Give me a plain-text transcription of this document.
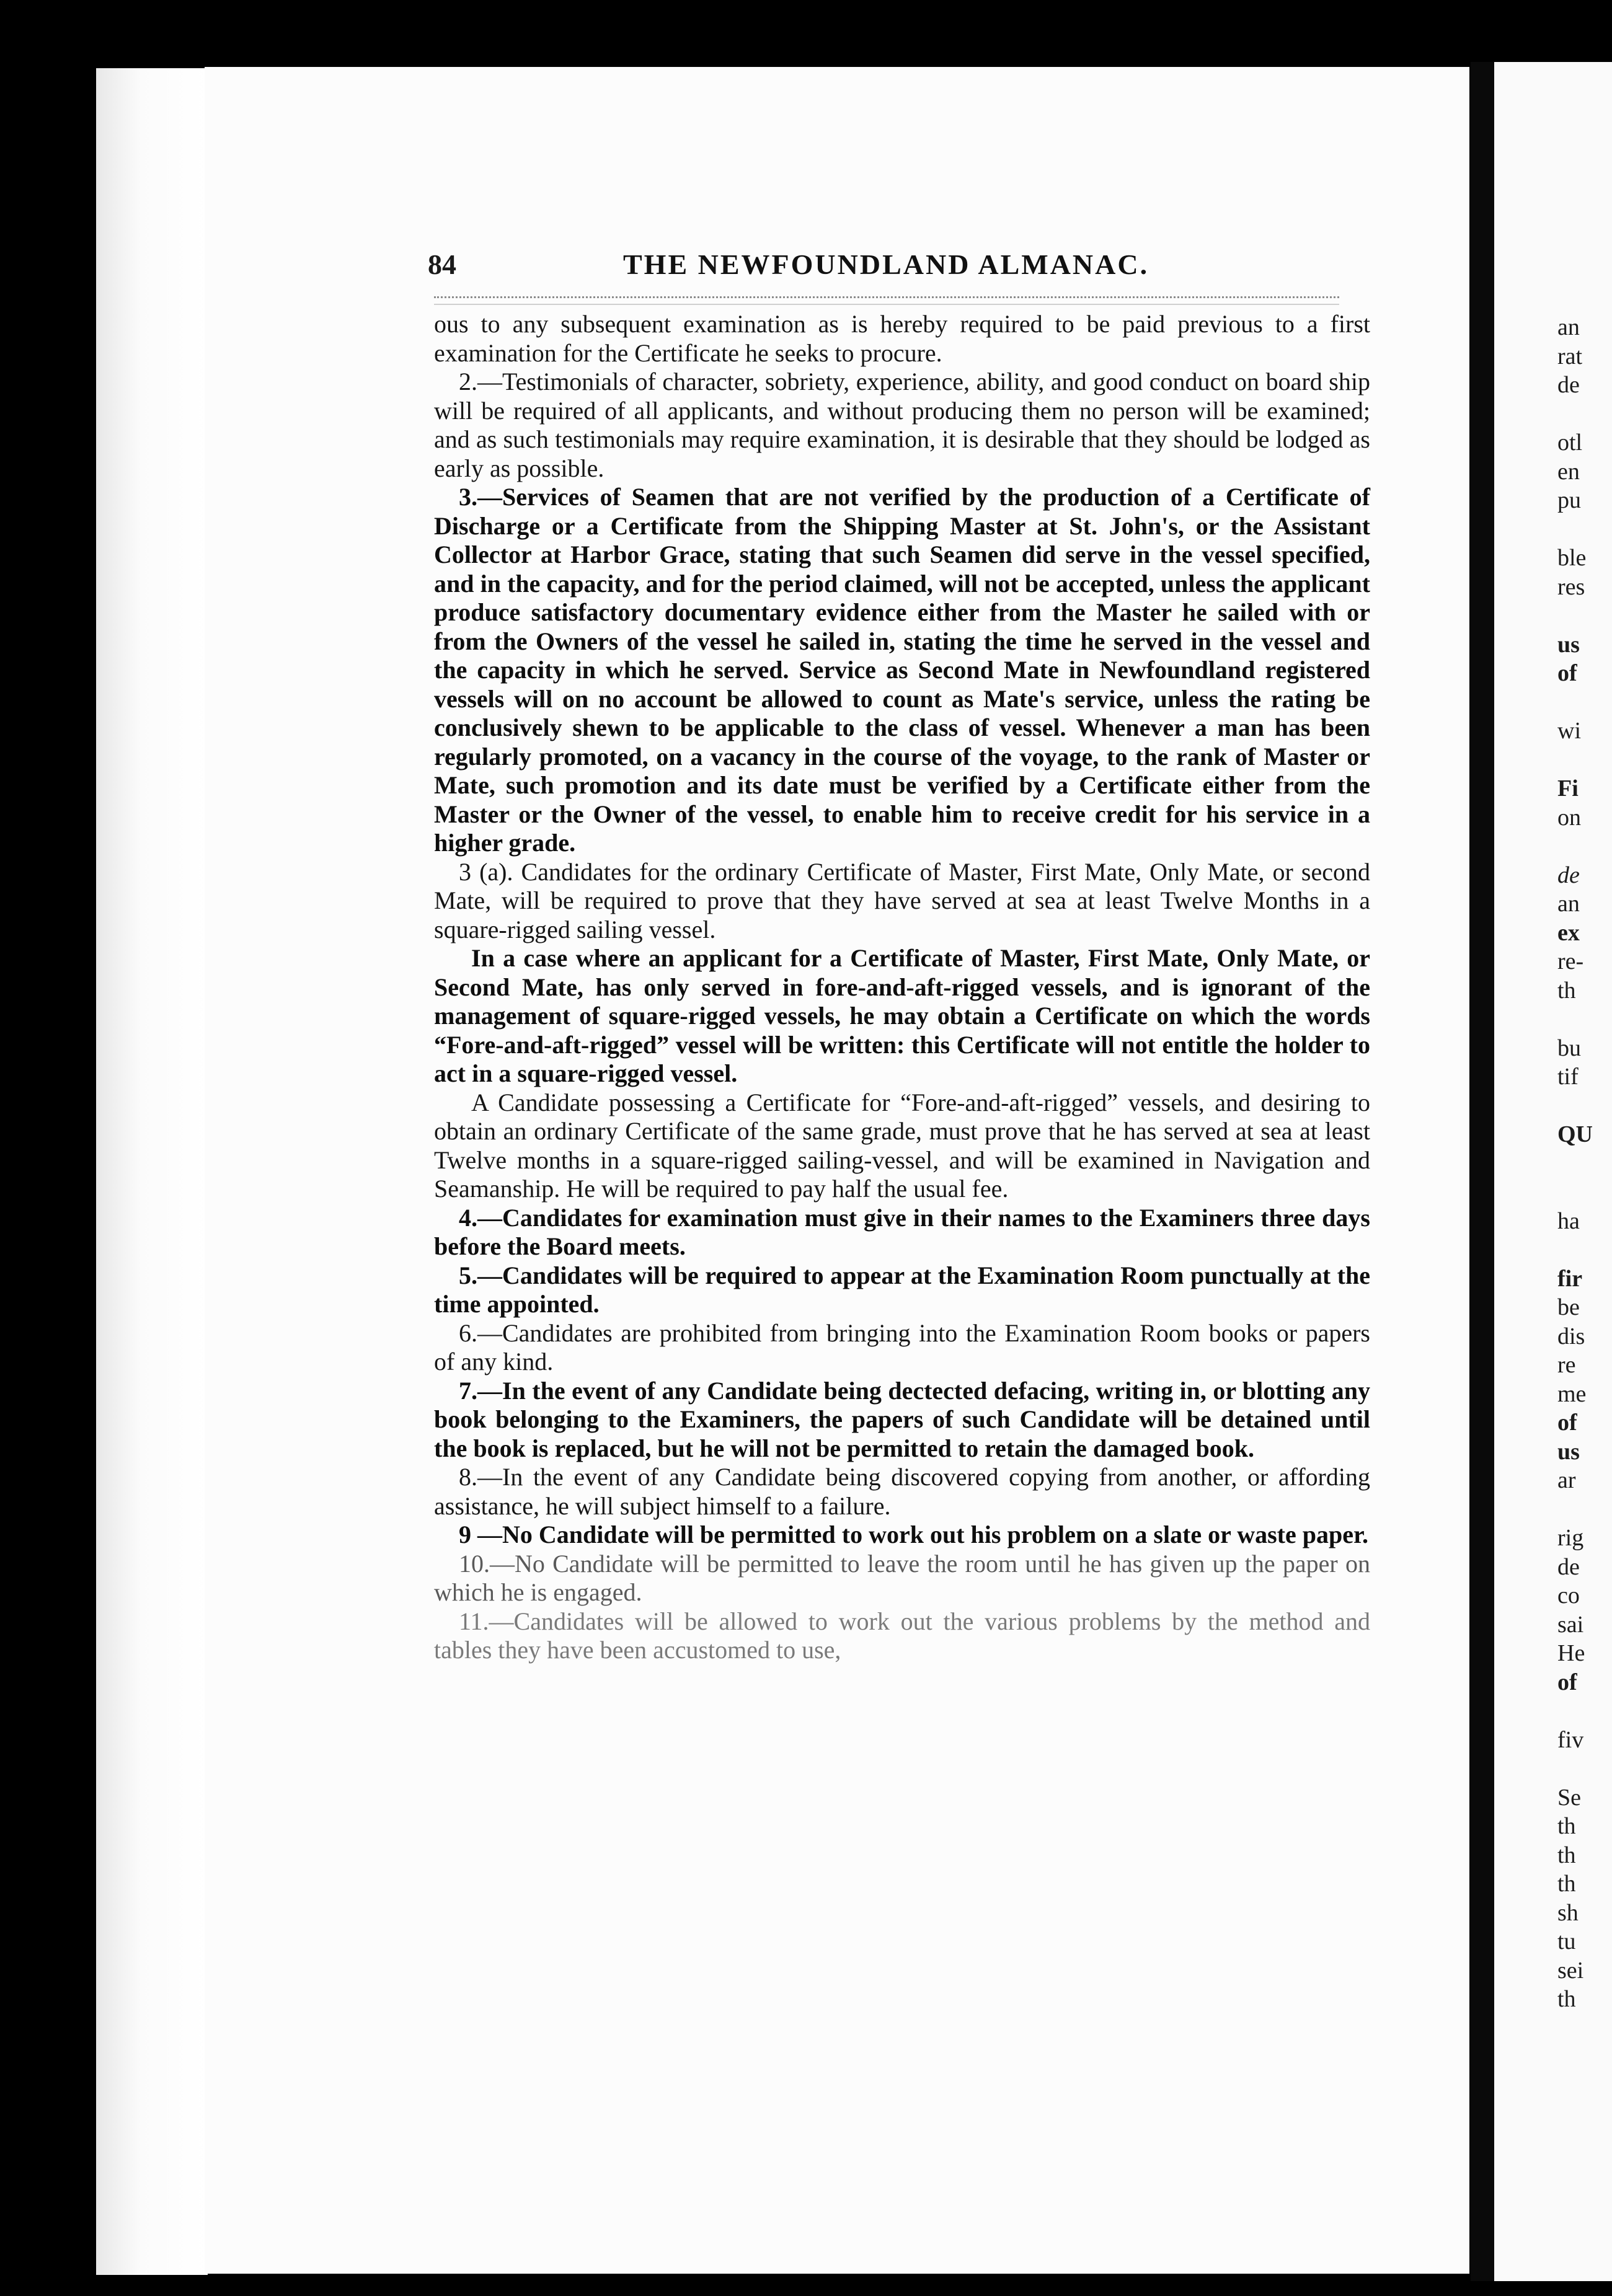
84	THE NEWFOUNDLAND ALMANAC.

ous to any subsequent examination as is hereby required to be paid previous to a first examination for the Certificate he seeks to procure.

2.—Testimonials of character, sobriety, experience, ability, and good conduct on board ship will be required of all applicants, and without producing them no person will be examined; and as such testimonials may require examination, it is desirable that they should be lodged as early as possible.

3.—Services of Seamen that are not verified by the production of a Certificate of Discharge or a Certificate from the Shipping Master at St. John's, or the Assistant Collector at Harbor Grace, stating that such Seamen did serve in the vessel specified, and in the capacity, and for the period claimed, will not be accepted, unless the applicant produce satisfactory documentary evidence either from the Master he sailed with or from the Owners of the vessel he sailed in, stating the time he served in the vessel and the capacity in which he served. Service as Second Mate in Newfoundland registered vessels will on no account be allowed to count as Mate's service, unless the rating be conclusively shewn to be applicable to the class of vessel. Whenever a man has been regularly promoted, on a vacancy in the course of the voyage, to the rank of Master or Mate, such promotion and its date must be verified by a Certificate either from the Master or the Owner of the vessel, to enable him to receive credit for his service in a higher grade.

3 (a). Candidates for the ordinary Certificate of Master, First Mate, Only Mate, or second Mate, will be required to prove that they have served at sea at least Twelve Months in a square-rigged sailing vessel.

In a case where an applicant for a Certificate of Master, First Mate, Only Mate, or Second Mate, has only served in fore-and-aft-rigged vessels, and is ignorant of the management of square-rigged vessels, he may obtain a Certificate on which the words “Fore-and-aft-rigged” vessel will be written: this Certificate will not entitle the holder to act in a square-rigged vessel.

A Candidate possessing a Certificate for “Fore-and-aft-rigged” vessels, and desiring to obtain an ordinary Certificate of the same grade, must prove that he has served at sea at least Twelve months in a square-rigged sailing-vessel, and will be examined in Navigation and Seamanship. He will be required to pay half the usual fee.

4.—Candidates for examination must give in their names to the Examiners three days before the Board meets.

5.—Candidates will be required to appear at the Examination Room punctually at the time appointed.

6.—Candidates are prohibited from bringing into the Examination Room books or papers of any kind.

7.—In the event of any Candidate being dectected defacing, writing in, or blotting any book belonging to the Examiners, the papers of such Candidate will be detained until the book is replaced, but he will not be permitted to retain the damaged book.

8.—In the event of any Candidate being discovered copying from another, or affording assistance, he will subject himself to a failure.

9 —No Candidate will be permitted to work out his problem on a slate or waste paper.

10.—No Candidate will be permitted to leave the room until he has given up the paper on which he is engaged.

11.—Candidates will be allowed to work out the various problems by the method and tables they have been accustomed to use,

an
rat
de
otl
en
pu
ble
res
us
of
wi
Fi
on
de
an
ex
re-
th
bu
tif
QU
ha
fir
be
dis
re
me
of
us
ar
rig
de
co
sai
He
of
fiv
Se
th
th
th
sh
tu
sei
th
